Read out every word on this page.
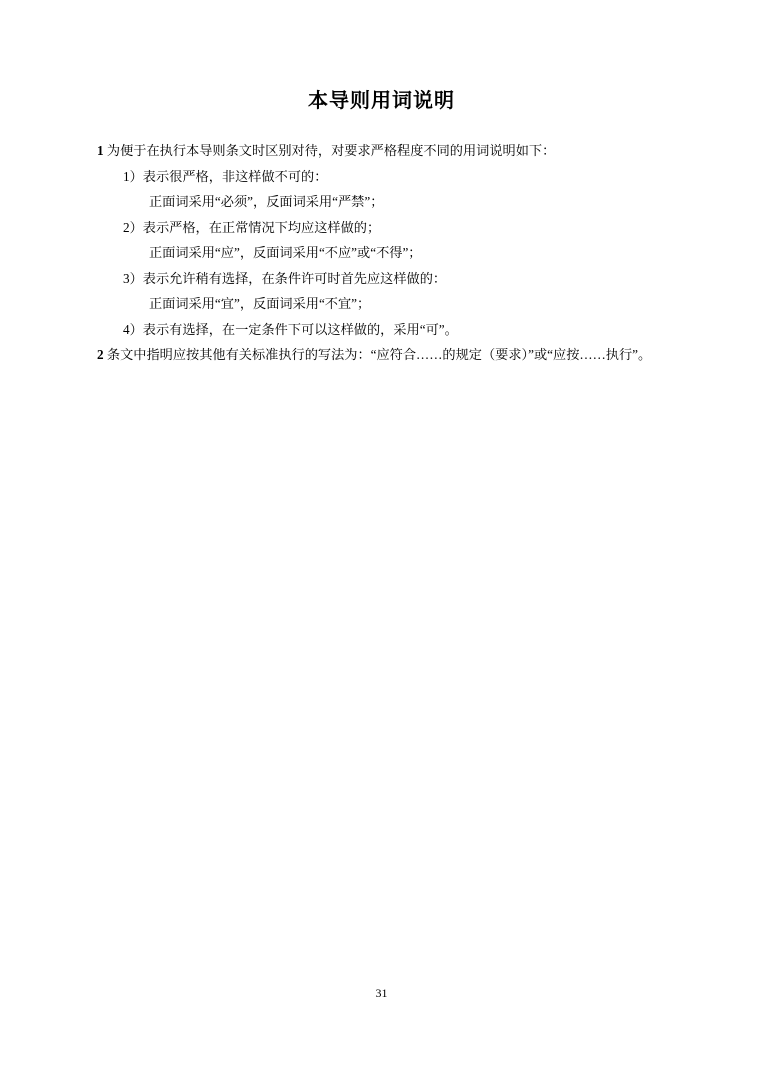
本导则用词说明
1 为便于在执行本导则条文时区别对待，对要求严格程度不同的用词说明如下：
1）表示很严格，非这样做不可的：
正面词采用“必须”，反面词采用“严禁”；
2）表示严格，在正常情况下均应这样做的；
正面词采用“应”，反面词采用“不应”或“不得”；
3）表示允许稍有选择，在条件许可时首先应这样做的：
正面词采用“宜”，反面词采用“不宜”；
4）表示有选择，在一定条件下可以这样做的，采用“可”。
2 条文中指明应按其他有关标准执行的写法为：“应符合……的规定（要求）”或“应按……执行”。
31
